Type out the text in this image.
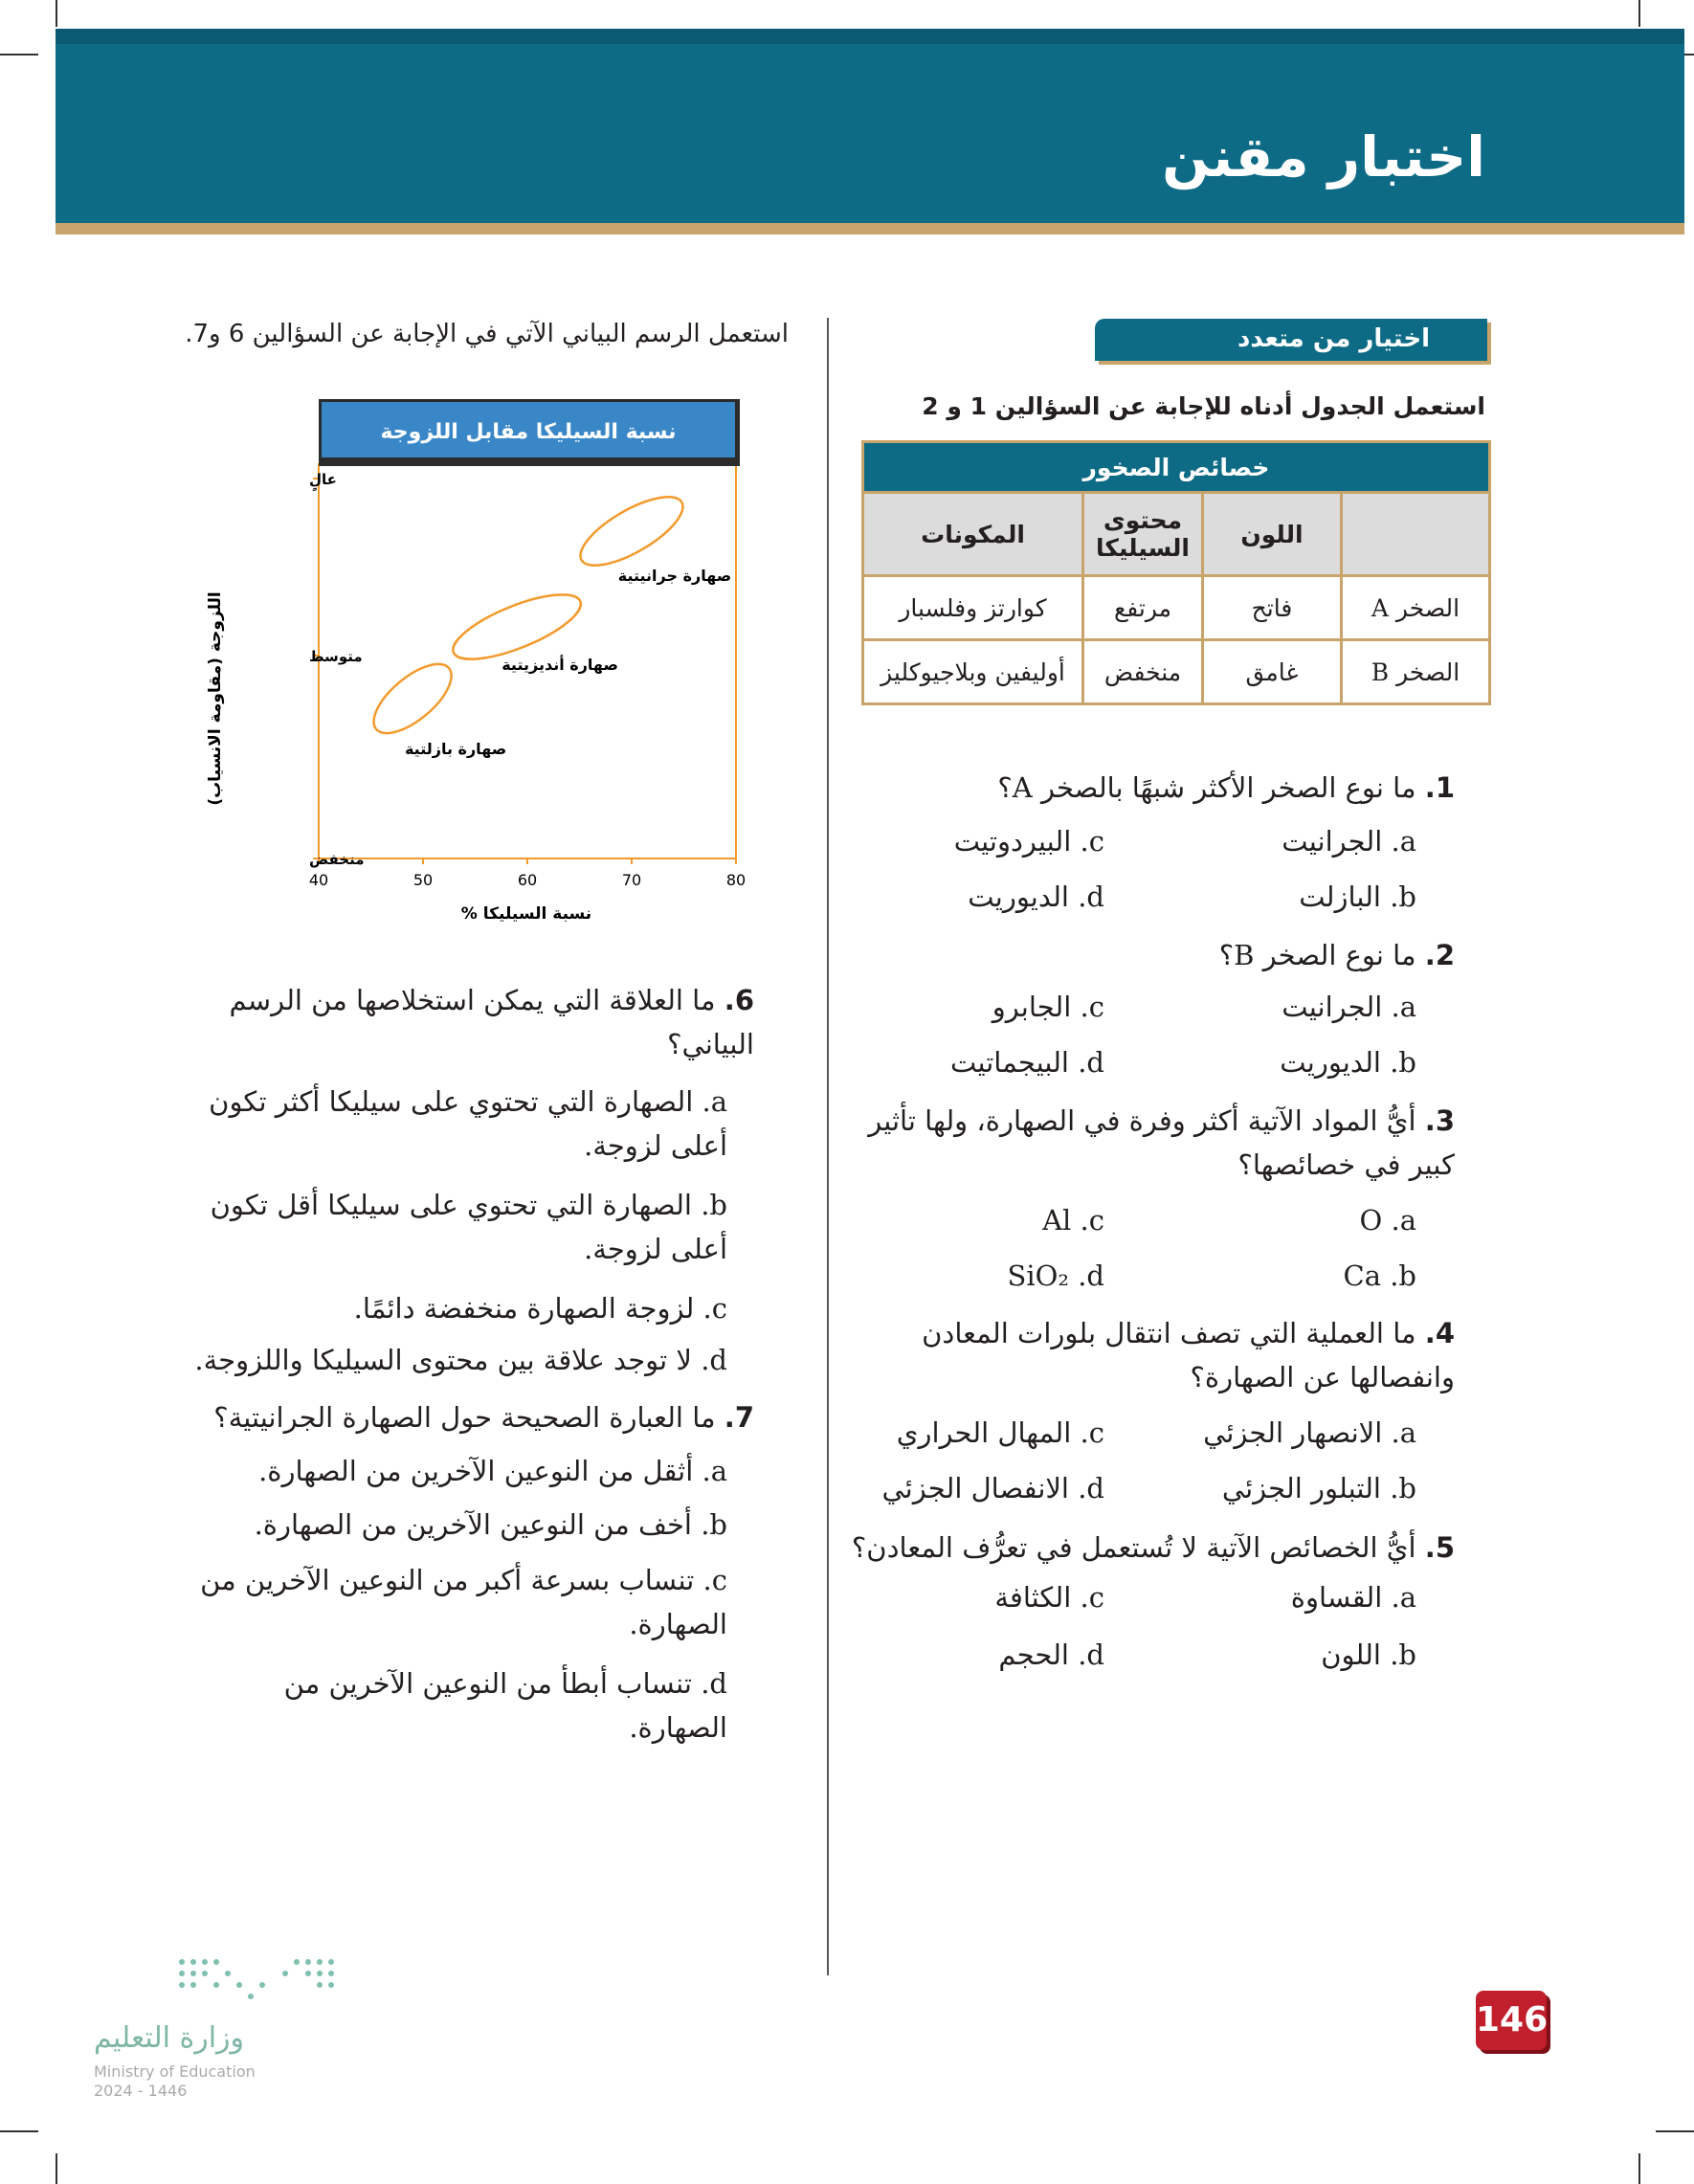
اختبار مقنن
اختيار من متعدد
استعمل الجدول أدناه للإجابة عن السؤالين 1 و 2
خصائص الصخور			
	اللون	محتوى السيليكا	المكونات
الصخر A	فاتح	مرتفع	كوارتز وفلسبار
الصخر B	غامق	منخفض	أوليفين وبلاجيوكليز
1. ما نوع الصخر الأكثر شبهًا بالصخر A؟
a. الجرانيت
c. البيردوتيت
b. البازلت
d. الديوريت
2. ما نوع الصخر B؟
a. الجرانيت
c. الجابرو
b. الديوريت
d. البيجماتيت
3. أيُّ المواد الآتية أكثر وفرة في الصهارة، ولها تأثير كبير في خصائصها؟
O .a
Al .c
Ca .b
SiO₂ .d
4. ما العملية التي تصف انتقال بلورات المعادن وانفصالها عن الصهارة؟
a. الانصهار الجزئي
c. المهال الحراري
b. التبلور الجزئي
d. الانفصال الجزئي
5. أيُّ الخصائص الآتية لا تُستعمل في تعرُّف المعادن؟
a. القساوة
c. الكثافة
b. اللون
d. الحجم
استعمل الرسم البياني الآتي في الإجابة عن السؤالين 6 و7.
نسبة السيليكا مقابل اللزوجة
40	50	60	70	80
منخفض
متوسط
عالٍ
صهارة بازلتية
صهارة أنديزيتية
صهارة جرانيتية
نسبة السيليكا %
اللزوجة (مقاومة الانسياب)
6. ما العلاقة التي يمكن استخلاصها من الرسم البياني؟
a. الصهارة التي تحتوي على سيليكا أكثر تكون أعلى لزوجة.
b. الصهارة التي تحتوي على سيليكا أقل تكون أعلى لزوجة.
c. لزوجة الصهارة منخفضة دائمًا.
d. لا توجد علاقة بين محتوى السيليكا واللزوجة.
7. ما العبارة الصحيحة حول الصهارة الجرانيتية؟
a. أثقل من النوعين الآخرين من الصهارة.
b. أخف من النوعين الآخرين من الصهارة.
c. تنساب بسرعة أكبر من النوعين الآخرين من الصهارة.
d. تنساب أبطأ من النوعين الآخرين من الصهارة.
146
وزارة التعليم
Ministry of Education
2024 - 1446
